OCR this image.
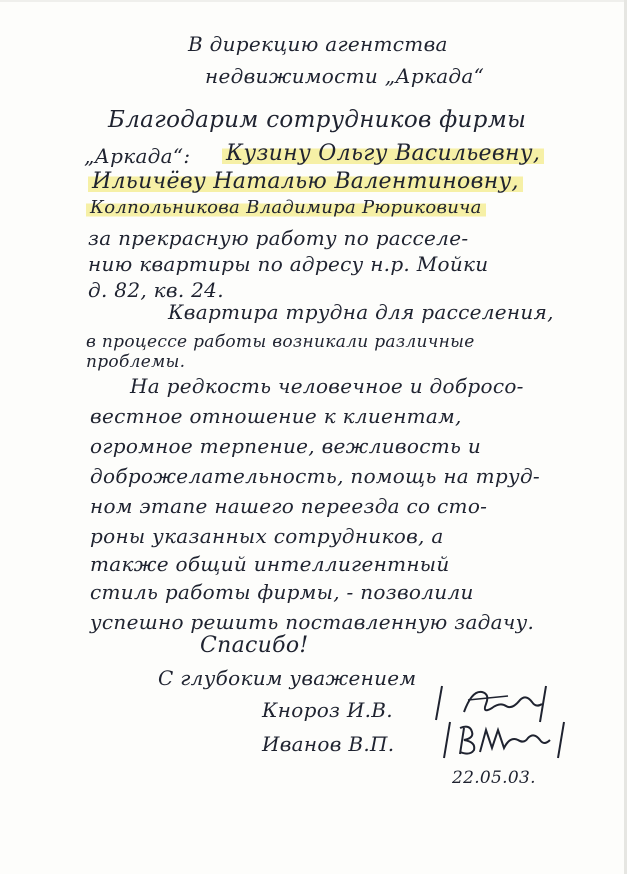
В дирекцию агентства
недвижимости „Аркада“
Благодарим сотрудников фирмы
„Аркада“: Кузину Ольгу Васильевну,
Ильичёву Наталью Валентиновну,
Колпольникова Владимира Рюриковича
за прекрасную работу по расселе-
нию квартиры по адресу н.р. Мойки
д. 82, кв. 24.
Квартира трудна для расселения,
в процессе работы возникали различные
проблемы.
На редкость человечное и добросо-
вестное отношение к клиентам,
огромное терпение, вежливость и
доброжелательность, помощь на труд-
ном этапе нашего переезда со сто-
роны указанных сотрудников, а
также общий интеллигентный
стиль работы фирмы, - позволили
успешно решить поставленную задачу.
Спасибо!
С глубоким уважением
Кнороз И.В.
Иванов В.П.
22.05.03.
